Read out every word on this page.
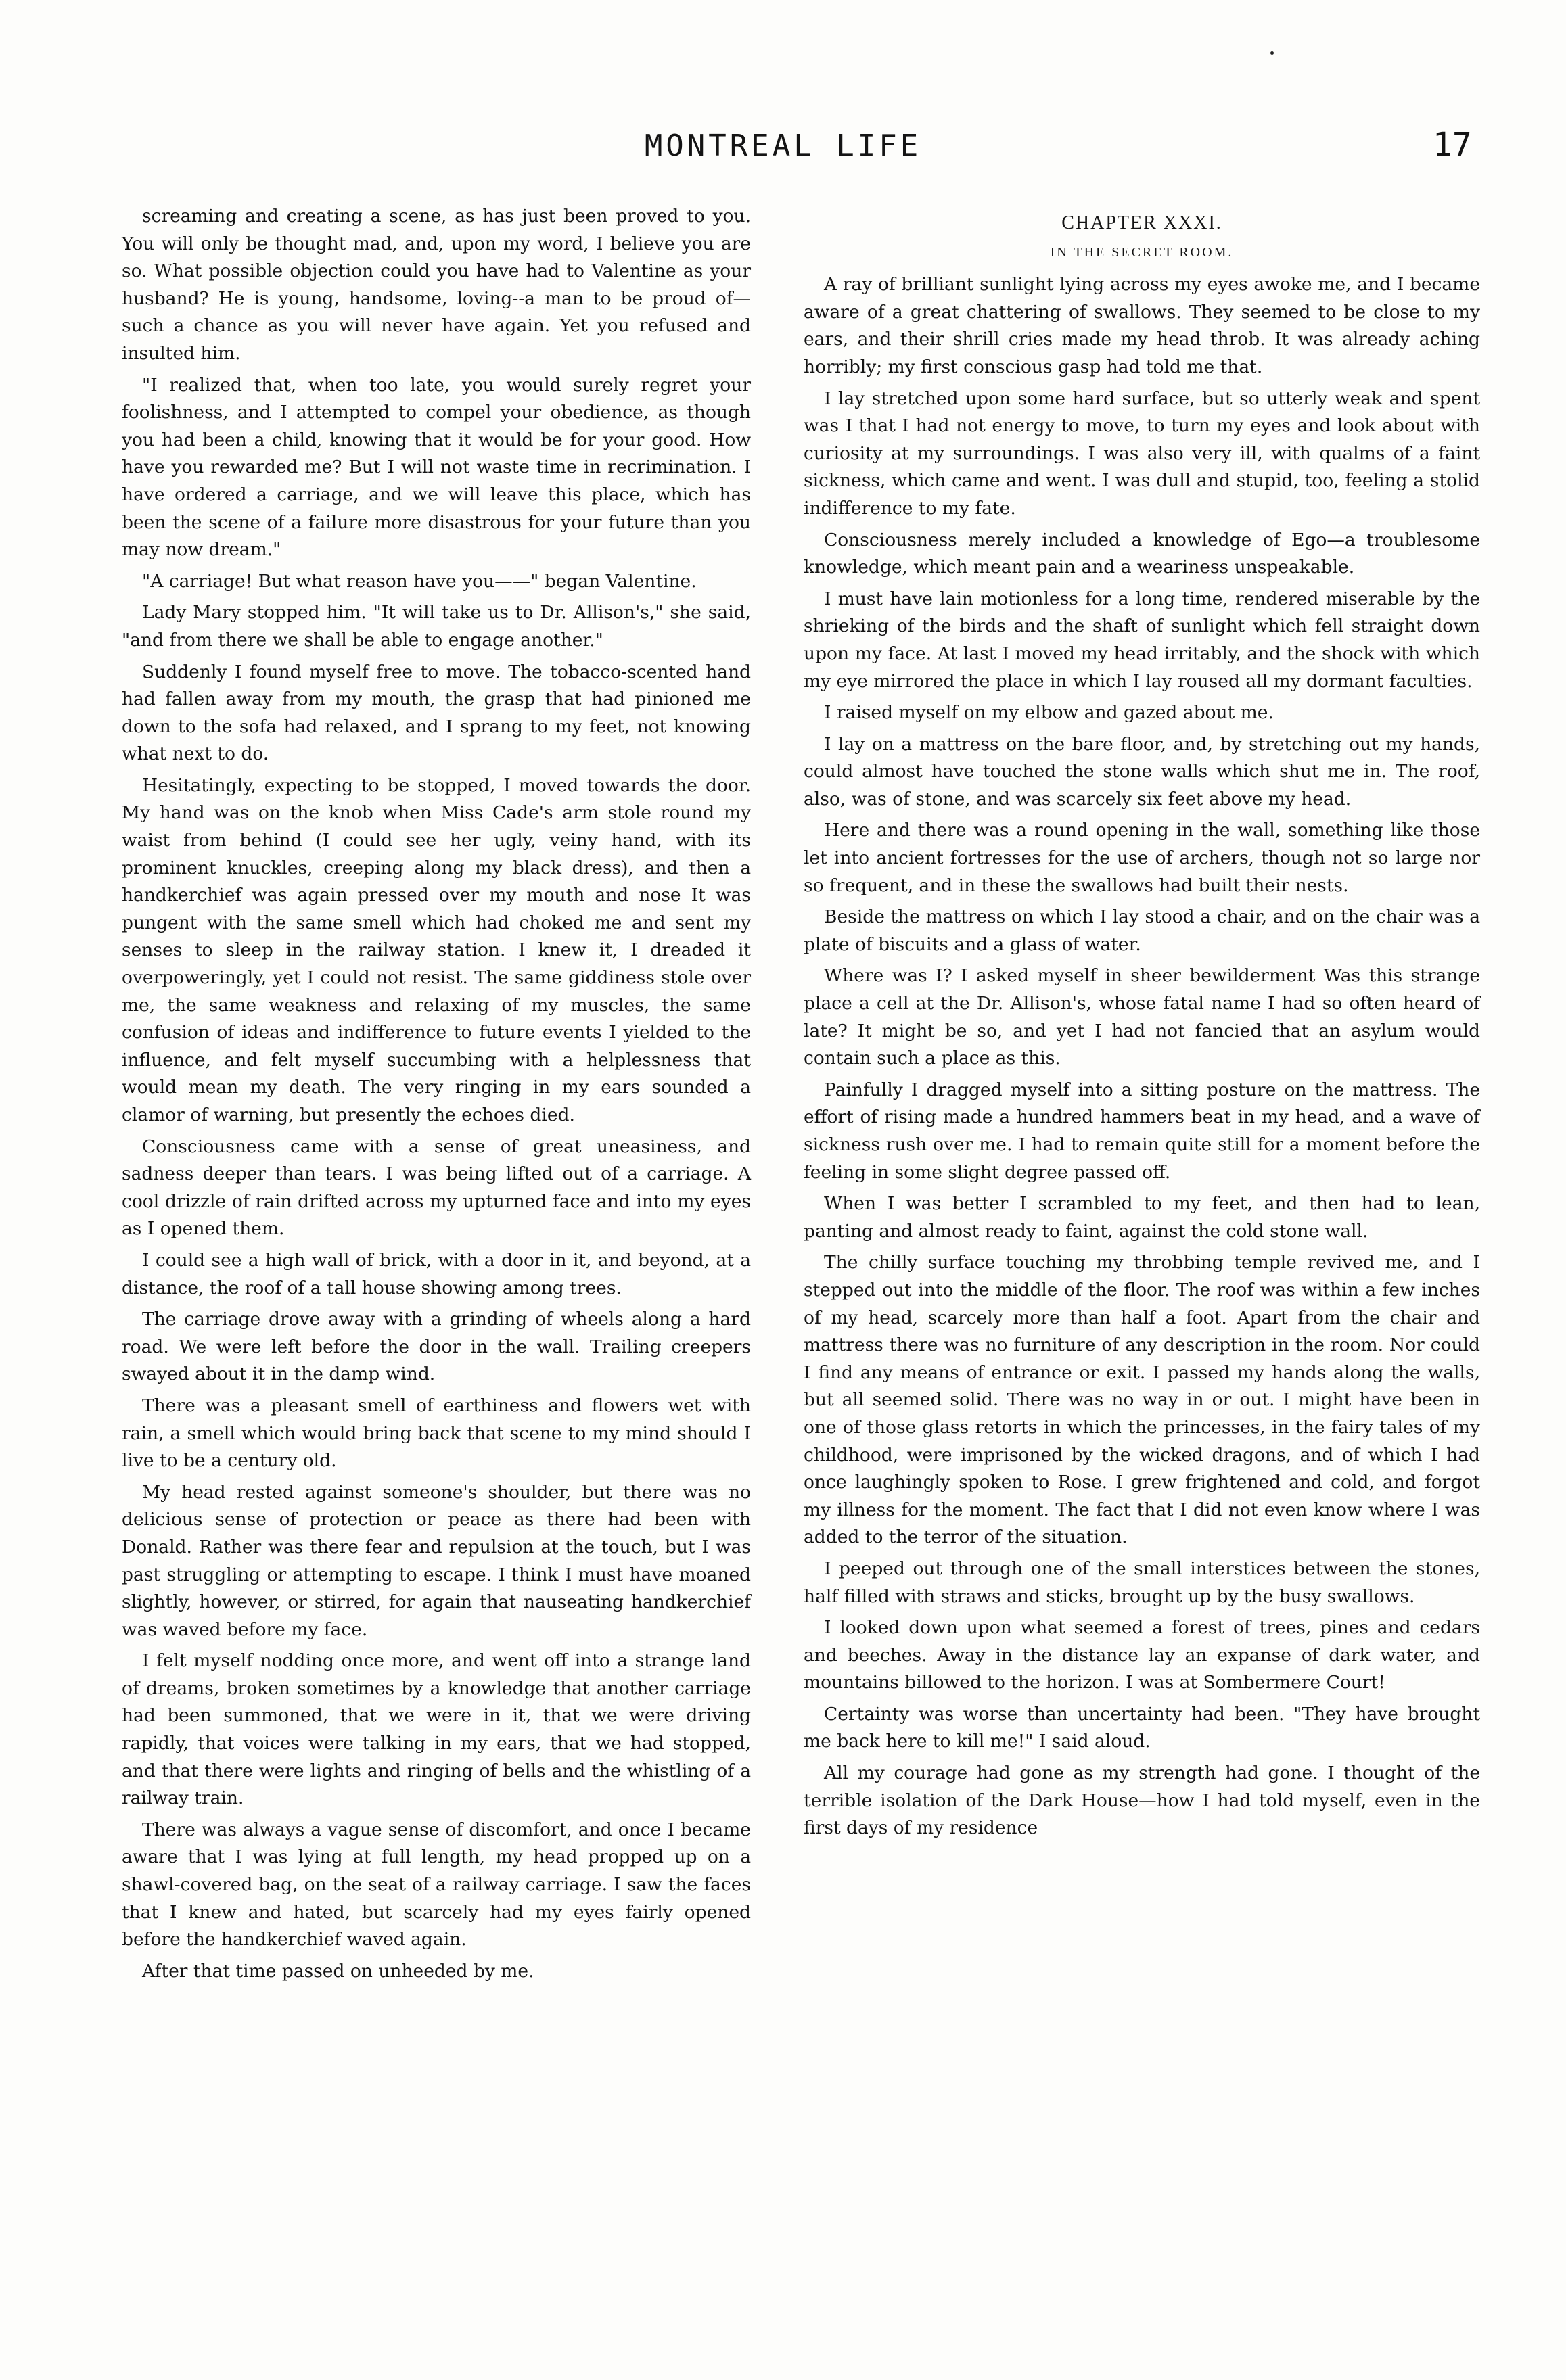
MONTREAL LIFE	17

screaming and creating a scene, as has just been proved to you. You will only be thought mad, and, upon my word, I believe you are so. What possible objection could you have had to Valentine as your husband? He is young, handsome, loving--a man to be proud of—such a chance as you will never have again. Yet you refused and insulted him.

"I realized that, when too late, you would surely regret your foolishness, and I attempted to compel your obedience, as though you had been a child, knowing that it would be for your good. How have you rewarded me? But I will not waste time in recrimination. I have ordered a carriage, and we will leave this place, which has been the scene of a failure more disastrous for your future than you may now dream."

"A carriage! But what reason have you——" began Valentine.

Lady Mary stopped him. "It will take us to Dr. Allison's," she said, "and from there we shall be able to engage another."

Suddenly I found myself free to move. The tobacco-scented hand had fallen away from my mouth, the grasp that had pinioned me down to the sofa had relaxed, and I sprang to my feet, not knowing what next to do.

Hesitatingly, expecting to be stopped, I moved towards the door. My hand was on the knob when Miss Cade's arm stole round my waist from behind (I could see her ugly, veiny hand, with its prominent knuckles, creeping along my black dress), and then a handkerchief was again pressed over my mouth and nose It was pungent with the same smell which had choked me and sent my senses to sleep in the railway station. I knew it, I dreaded it overpoweringly, yet I could not resist. The same giddiness stole over me, the same weakness and relaxing of my muscles, the same confusion of ideas and indifference to future events I yielded to the influence, and felt myself succumbing with a helplessness that would mean my death. The very ringing in my ears sounded a clamor of warning, but presently the echoes died.

Consciousness came with a sense of great uneasiness, and sadness deeper than tears. I was being lifted out of a carriage. A cool drizzle of rain drifted across my upturned face and into my eyes as I opened them.

I could see a high wall of brick, with a door in it, and beyond, at a distance, the roof of a tall house showing among trees.

The carriage drove away with a grinding of wheels along a hard road. We were left before the door in the wall. Trailing creepers swayed about it in the damp wind.

There was a pleasant smell of earthiness and flowers wet with rain, a smell which would bring back that scene to my mind should I live to be a century old.

My head rested against someone's shoulder, but there was no delicious sense of protection or peace as there had been with Donald. Rather was there fear and repulsion at the touch, but I was past struggling or attempting to escape. I think I must have moaned slightly, however, or stirred, for again that nauseating handkerchief was waved before my face.

I felt myself nodding once more, and went off into a strange land of dreams, broken sometimes by a knowledge that another carriage had been summoned, that we were in it, that we were driving rapidly, that voices were talking in my ears, that we had stopped, and that there were lights and ringing of bells and the whistling of a railway train.

There was always a vague sense of discomfort, and once I became aware that I was lying at full length, my head propped up on a shawl-covered bag, on the seat of a railway carriage. I saw the faces that I knew and hated, but scarcely had my eyes fairly opened before the handkerchief waved again.

After that time passed on unheeded by me.

CHAPTER XXXI.
IN THE SECRET ROOM.

A ray of brilliant sunlight lying across my eyes awoke me, and I became aware of a great chattering of swallows. They seemed to be close to my ears, and their shrill cries made my head throb. It was already aching horribly; my first conscious gasp had told me that.

I lay stretched upon some hard surface, but so utterly weak and spent was I that I had not energy to move, to turn my eyes and look about with curiosity at my surroundings. I was also very ill, with qualms of a faint sickness, which came and went. I was dull and stupid, too, feeling a stolid indifference to my fate.

Consciousness merely included a knowledge of Ego—a troublesome knowledge, which meant pain and a weariness unspeakable.

I must have lain motionless for a long time, rendered miserable by the shrieking of the birds and the shaft of sunlight which fell straight down upon my face. At last I moved my head irritably, and the shock with which my eye mirrored the place in which I lay roused all my dormant faculties.

I raised myself on my elbow and gazed about me.

I lay on a mattress on the bare floor, and, by stretching out my hands, could almost have touched the stone walls which shut me in. The roof, also, was of stone, and was scarcely six feet above my head.

Here and there was a round opening in the wall, something like those let into ancient fortresses for the use of archers, though not so large nor so frequent, and in these the swallows had built their nests.

Beside the mattress on which I lay stood a chair, and on the chair was a plate of biscuits and a glass of water.

Where was I? I asked myself in sheer bewilderment Was this strange place a cell at the Dr. Allison's, whose fatal name I had so often heard of late? It might be so, and yet I had not fancied that an asylum would contain such a place as this.

Painfully I dragged myself into a sitting posture on the mattress. The effort of rising made a hundred hammers beat in my head, and a wave of sickness rush over me. I had to remain quite still for a moment before the feeling in some slight degree passed off.

When I was better I scrambled to my feet, and then had to lean, panting and almost ready to faint, against the cold stone wall.

The chilly surface touching my throbbing temple revived me, and I stepped out into the middle of the floor. The roof was within a few inches of my head, scarcely more than half a foot. Apart from the chair and mattress there was no furniture of any description in the room. Nor could I find any means of entrance or exit. I passed my hands along the walls, but all seemed solid. There was no way in or out. I might have been in one of those glass retorts in which the princesses, in the fairy tales of my childhood, were imprisoned by the wicked dragons, and of which I had once laughingly spoken to Rose. I grew frightened and cold, and forgot my illness for the moment. The fact that I did not even know where I was added to the terror of the situation.

I peeped out through one of the small interstices between the stones, half filled with straws and sticks, brought up by the busy swallows.

I looked down upon what seemed a forest of trees, pines and cedars and beeches. Away in the distance lay an expanse of dark water, and mountains billowed to the horizon. I was at Sombermere Court!

Certainty was worse than uncertainty had been. "They have brought me back here to kill me!" I said aloud.

All my courage had gone as my strength had gone. I thought of the terrible isolation of the Dark House—how I had told myself, even in the first days of my residence
